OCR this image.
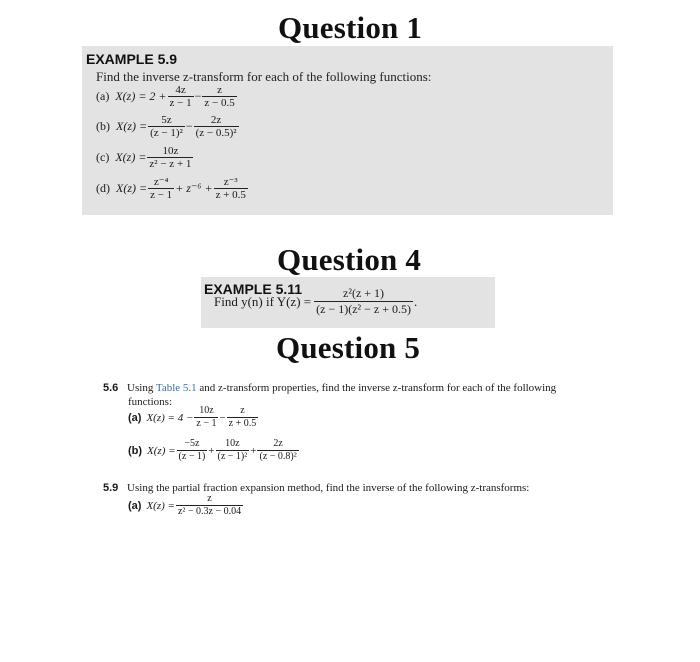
Question 1
EXAMPLE 5.9
Find the inverse z-transform for each of the following functions:
(a) $X(z) = 2 + \frac{4z}{z - 1} - \frac{z}{z - 0.5}$
(b) $X(z) = \frac{5z}{\text{(z − 1)²}} - \frac{2z}{\text{(z − 0.5)²}}$
(c) $X(z) = \frac{10z}{\text{z² − z + 1}}$
(d) $X(z) = \frac{\text{z⁻⁴}}{z - 1} + z^{-6} + \frac{\text{z⁻³}}{z + 0.5}$
Question 4
EXAMPLE 5.11
Find y(n) if $Y(z) = \frac{\text{z²(z + 1)}}{\text{(z − 1)(z² − z + 0.5)}}$ .
Question 5
5.6 Using Table 5.1 and z-transform properties, find the inverse z-transform for each of the following
functions:
(a) $X(z) = 4 - \frac{10z}{z - 1} - \frac{z}{z + 0.5}$
(b) $X(z) = \frac{-5z}{(z - 1)} + \frac{10z}{\text{(z − 1)²}} + \frac{2z}{\text{(z − 0.8)²}}$
5.9 Using the partial fraction expansion method, find the inverse of the following z-transforms:
(a) $X(z) = \frac{z}{\text{z² − 0.3z − 0.04}}$
